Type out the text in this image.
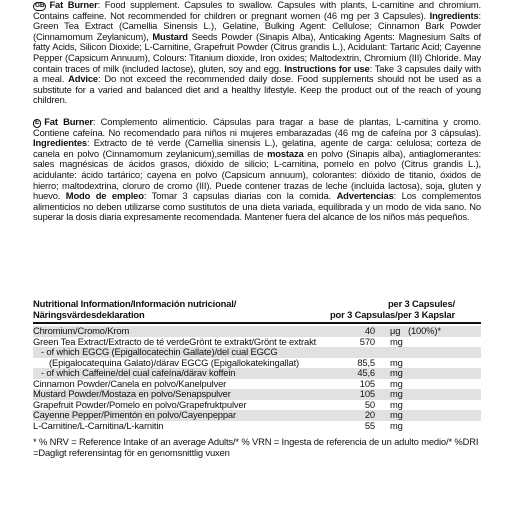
GB Fat Burner: Food supplement. Capsules to swallow. Capsules with plants, L-carnitine and chromium. Contains caffeine. Not recommended for children or pregnant women (46 mg per 3 Capsules). Ingredients: Green Tea Extract (Camellia Sinensis L.), Gelatine, Bulking Agent: Cellulose; Cinnamon Bark Powder (Cinnamomum Zeylanicum), Mustard Seeds Powder (Sinapis Alba), Anticaking Agents: Magnesium Salts of fatty Acids, Silicon Dioxide; L-Carnitine, Grapefruit Powder (Citrus grandis L.), Acidulant: Tartaric Acid; Cayenne Pepper (Capsicum Annuum), Colours: Titanium dioxide, Iron oxides; Maltodextrin, Chromium (III) Chloride. May contain traces of milk (included lactose), gluten, soy and egg. Instructions for use: Take 3 capsules daily with a meal. Advice: Do not exceed the recommended daily dose. Food supplements should not be used as a substitute for a varied and balanced diet and a healthy lifestyle. Keep the product out of the reach of young children.
E Fat Burner: Complemento alimenticio. Cápsulas para tragar a base de plantas, L-carnitina y cromo. Contiene cafeína. No recomendado para niños ni mujeres embarazadas (46 mg de cafeína por 3 cápsulas). Ingredientes: Extracto de té verde (Camellia sinensis L.), gelatina, agente de carga: celulosa; corteza de canela en polvo (Cinnamomum zeylanicum),semillas de mostaza en polvo (Sinapis alba), antiaglomerantes: sales magnésicas de ácidos grasos, dióxido de silicio; L-carnitina, pomelo en polvo (Citrus grandis L.), acidulante: ácido tartárico; cayena en polvo (Capsicum annuum), colorantes: dióxido de titanio, óxidos de hierro; maltodextrina, cloruro de cromo (III). Puede contener trazas de leche (incluida lactosa), soja, gluten y huevo. Modo de empleo: Tomar 3 capsulas diarias con la comida. Advertencias: Los complementos alimenticios no deben utilizarse como sustitutos de una dieta variada, equilibrada y un modo de vida sano. No superar la dosis diaria expresamente recomendada. Mantener fuera del alcance de los niños más pequeños.
Nutritional Information/Información nutricional/
Näringsvärdesdeklaration
per 3 Capsules/
por 3 Capsulas/per 3 Kapslar
Chromium/Cromo/Krom	40 µg (100%)*
Green Tea Extract/Extracto de té verdeGrönt te extrakt/Grönt te extrakt	570 mg
- of which EGCG (Epigallocatechin Gallate)/del cual EGCG
(Epigalocatequina Galato)/därav EGCG (Epigallokatekingallat)	85,5 mg
- of which Caffeine/del cual cafeína/därav koffein	45,6 mg
Cinnamon Powder/Canela en polvo/Kanelpulver	105 mg
Mustard Powder/Mostaza en polvo/Senapspulver	105 mg
Grapefruit Powder/Pomelo en polvo/Grapefruktpulver	50 mg
Cayenne Pepper/Pimentón en polvo/Cayenpeppar	20 mg
L-Carnitine/L-Carnitina/L-karnitin	55 mg
* % NRV = Reference Intake of an average Adults/* % VRN = Ingesta de referencia de un adulto medio/* %DRI =Dagligt referensintag för en genomsnittlig vuxen
